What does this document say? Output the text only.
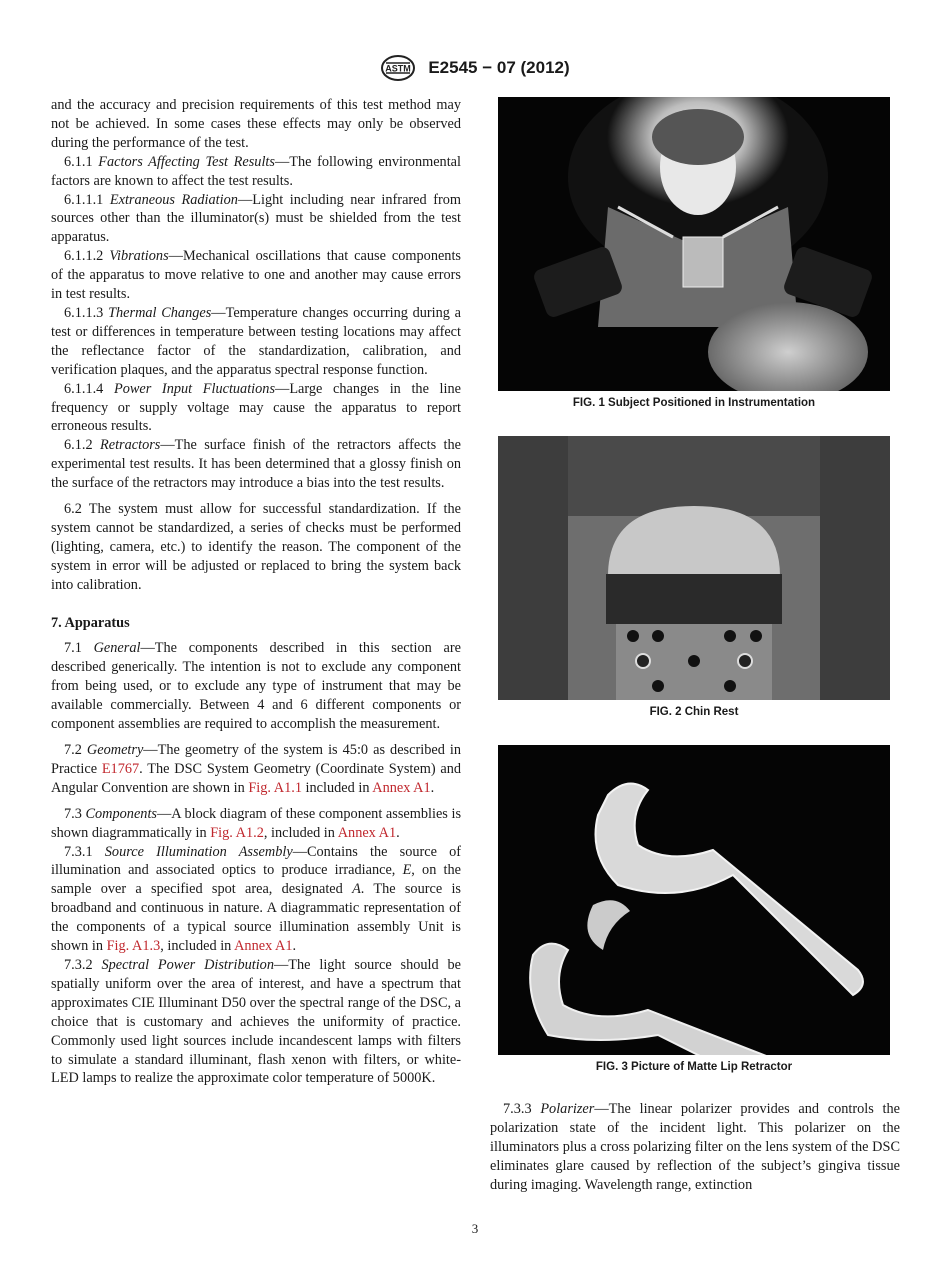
ASTM E2545 − 07 (2012)

and the accuracy and precision requirements of this test method may not be achieved. In some cases these effects may only be observed during the performance of the test.

6.1.1 Factors Affecting Test Results—The following environmental factors are known to affect the test results.

6.1.1.1 Extraneous Radiation—Light including near infrared from sources other than the illuminator(s) must be shielded from the test apparatus.

6.1.1.2 Vibrations—Mechanical oscillations that cause components of the apparatus to move relative to one and another may cause errors in test results.

6.1.1.3 Thermal Changes—Temperature changes occurring during a test or differences in temperature between testing locations may affect the reflectance factor of the standardization, calibration, and verification plaques, and the apparatus spectral response function.

6.1.1.4 Power Input Fluctuations—Large changes in the line frequency or supply voltage may cause the apparatus to report erroneous results.

6.1.2 Retractors—The surface finish of the retractors affects the experimental test results. It has been determined that a glossy finish on the surface of the retractors may introduce a bias into the test results.

6.2 The system must allow for successful standardization. If the system cannot be standardized, a series of checks must be performed (lighting, camera, etc.) to identify the reason. The component of the system in error will be adjusted or replaced to bring the system back into calibration.

7. Apparatus

7.1 General—The components described in this section are described generically. The intention is not to exclude any component from being used, or to exclude any type of instrument that may be available commercially. Between 4 and 6 different components or component assemblies are required to accomplish the measurement.

7.2 Geometry—The geometry of the system is 45:0 as described in Practice E1767. The DSC System Geometry (Coordinate System) and Angular Convention are shown in Fig. A1.1 included in Annex A1.

7.3 Components—A block diagram of these component assemblies is shown diagrammatically in Fig. A1.2, included in Annex A1.

7.3.1 Source Illumination Assembly—Contains the source of illumination and associated optics to produce irradiance, E, on the sample over a specified spot area, designated A. The source is broadband and continuous in nature. A diagrammatic representation of the components of a typical source illumination assembly Unit is shown in Fig. A1.3, included in Annex A1.

7.3.2 Spectral Power Distribution—The light source should be spatially uniform over the area of interest, and have a spectrum that approximates CIE Illuminant D50 over the spectral range of the DSC, a choice that is customary and achieves the uniformity of practice. Commonly used light sources include incandescent lamps with filters to simulate a standard illuminant, flash xenon with filters, or white-LED lamps to realize the approximate color temperature of 5000K.

FIG. 1 Subject Positioned in Instrumentation
FIG. 2 Chin Rest
FIG. 3 Picture of Matte Lip Retractor

7.3.3 Polarizer—The linear polarizer provides and controls the polarization state of the incident light. This polarizer on the illuminators plus a cross polarizing filter on the lens system of the DSC eliminates glare caused by reflection of the subject’s gingiva tissue during imaging. Wavelength range, extinction

3
